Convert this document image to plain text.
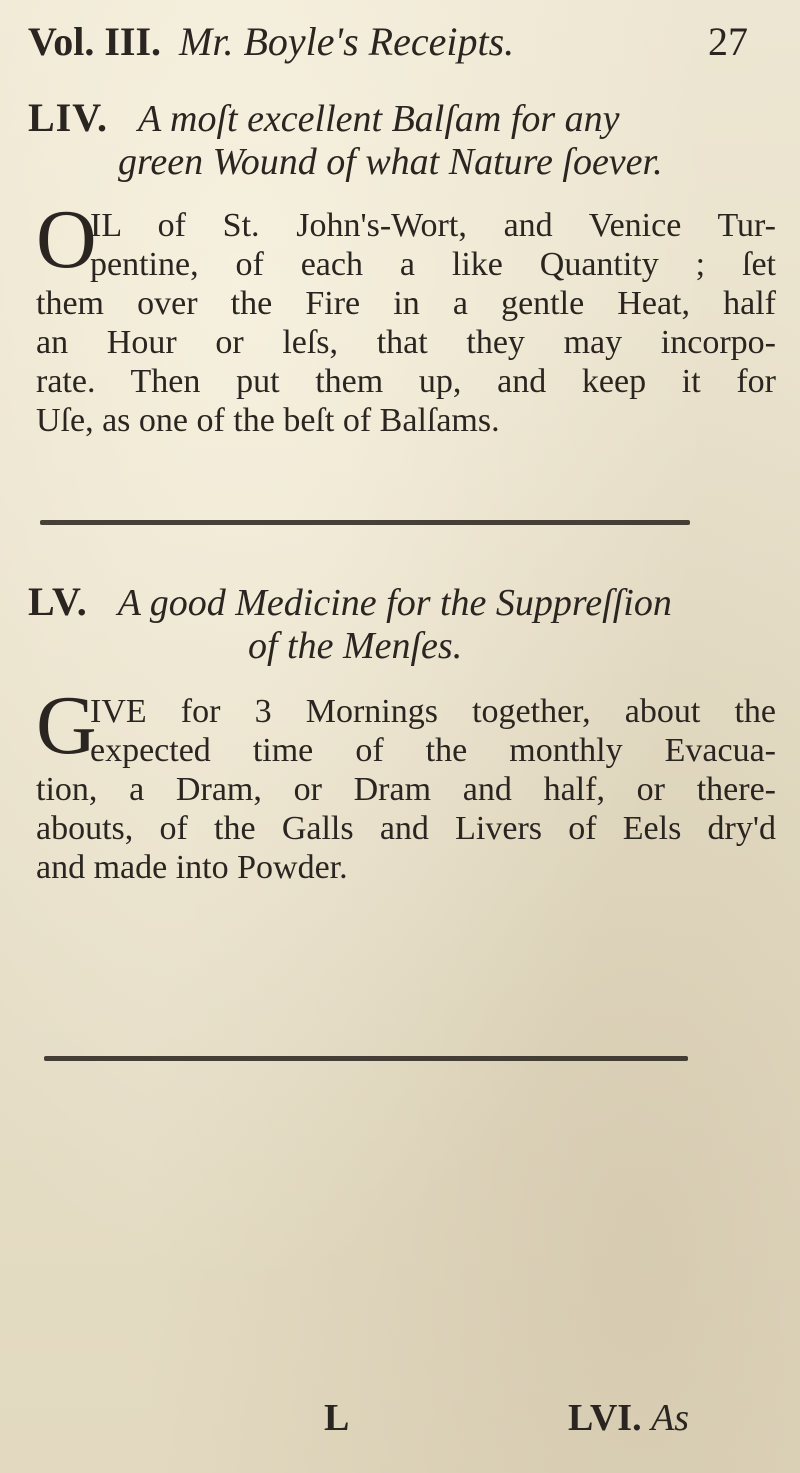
Vol. III. Mr. Boyle's Receipts.	27
LIV. A moſt excellent Balſam for any
green Wound of what Nature ſoever.
O
IL of St. John's-Wort, and Venice Tur-
pentine, of each a like Quantity ; ſet
them over the Fire in a gentle Heat, half
an Hour or leſs, that they may incorpo-
rate. Then put them up, and keep it for
Uſe, as one of the beſt of Balſams.
LV. A good Medicine for the Suppreſſion
of the Menſes.
G
IVE for 3 Mornings together, about the
expected time of the monthly Evacua-
tion, a Dram, or Dram and half, or there-
abouts, of the Galls and Livers of Eels dry'd
and made into Powder.
L	LVI. As
